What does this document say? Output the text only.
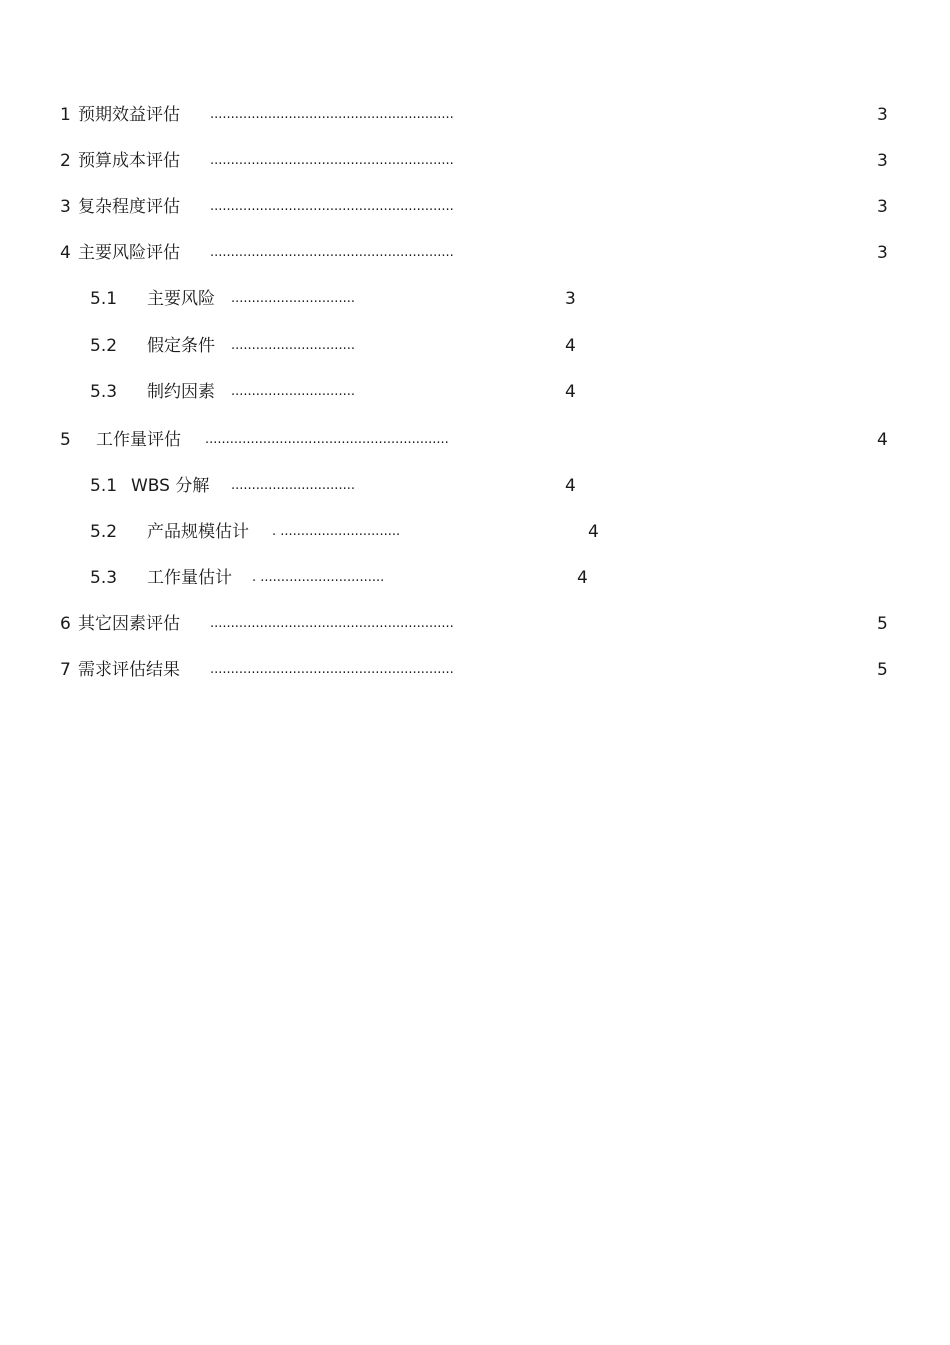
1 预期效益评估 ...........................................................	3
2 预算成本评估 ...........................................................	3
3 复杂程度评估 ...........................................................	3
4 主要风险评估 ...........................................................	3
5.1 主要风险 ..............................	3
5.2 假定条件 ..............................	4
5.3 制约因素 ..............................	4
5 工作量评估 ...........................................................	4
5.1 WBS 分解 ..............................	4
5.2 产品规模估计 . .............................	4
5.3 工作量估计 . ..............................	4
6 其它因素评估 ...........................................................	5
7 需求评估结果 ...........................................................	5
